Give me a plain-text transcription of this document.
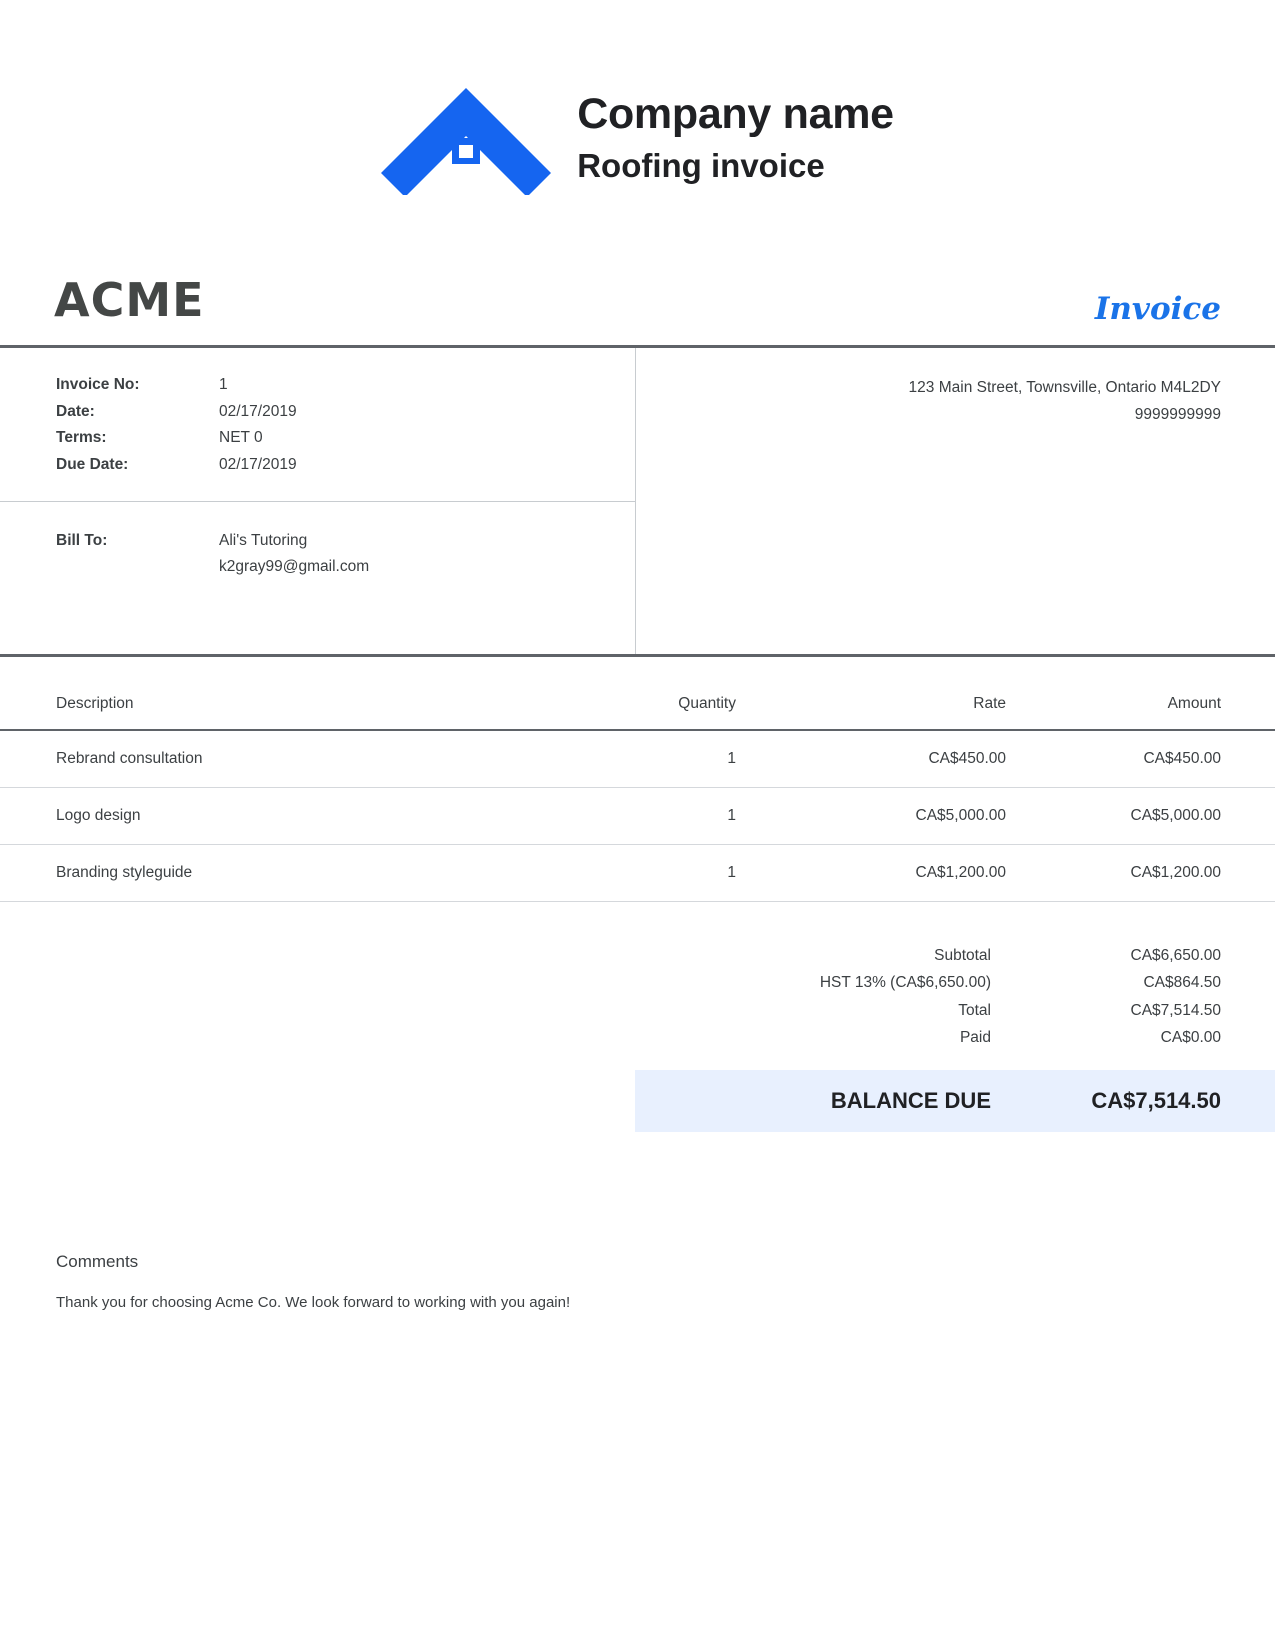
Company name
Roofing invoice
ACME	Invoice
Invoice No:	1
Date:	02/17/2019
Terms:	NET 0
Due Date:	02/17/2019
Bill To:	Ali's Tutoring
k2gray99@gmail.com
123 Main Street, Townsville, Ontario M4L2DY
9999999999
Description	Quantity	Rate	Amount
Rebrand consultation	1	CA$450.00	CA$450.00
Logo design	1	CA$5,000.00	CA$5,000.00
Branding styleguide	1	CA$1,200.00	CA$1,200.00
Subtotal	CA$6,650.00
HST 13% (CA$6,650.00)	CA$864.50
Total	CA$7,514.50
Paid	CA$0.00
BALANCE DUE	CA$7,514.50
Comments
Thank you for choosing Acme Co. We look forward to working with you again!
